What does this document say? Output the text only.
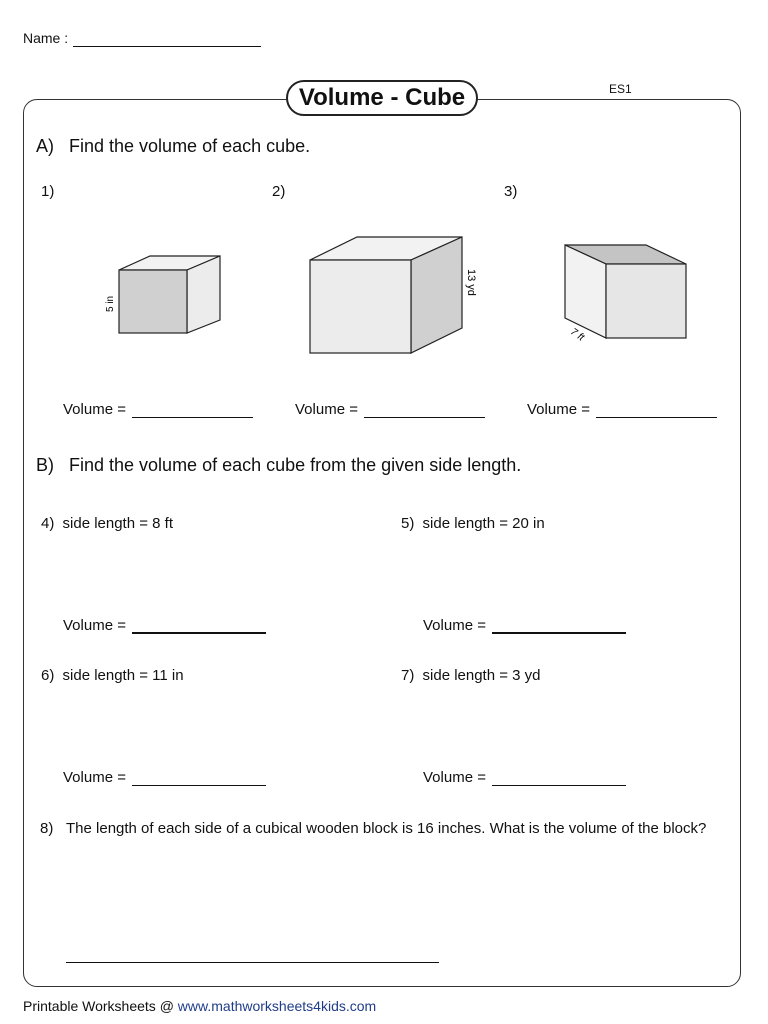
Name :
Volume - Cube	ES1
A)   Find the volume of each cube.
1)	2)	3)
5 in
13 yd
7 ft
Volume =	Volume =	Volume =
B)   Find the volume of each cube from the given side length.
4) side length = 8 ft	5) side length = 20 in
Volume =	Volume =
6) side length = 11 in	7) side length = 3 yd
Volume =	Volume =
8) The length of each side of a cubical wooden block is 16 inches. What is the volume of the block?
Printable Worksheets @ www.mathworksheets4kids.com
